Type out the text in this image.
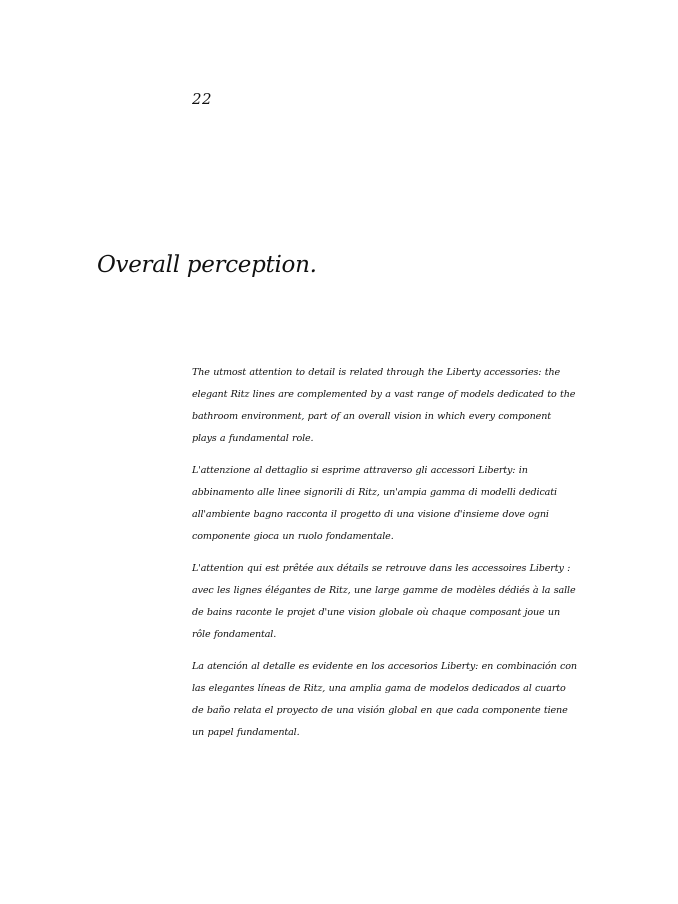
22
Overall perception.

The utmost attention to detail is related through the Liberty accessories: the elegant Ritz lines are complemented by a vast range of models dedicated to the bathroom environment, part of an overall vision in which every component plays a fundamental role.

L'attenzione al dettaglio si esprime attraverso gli accessori Liberty: in abbinamento alle linee signorili di Ritz, un'ampia gamma di modelli dedicati all'ambiente bagno racconta il progetto di una visione d'insieme dove ogni componente gioca un ruolo fondamentale.

L'attention qui est prêtée aux détails se retrouve dans les accessoires Liberty : avec les lignes élégantes de Ritz, une large gamme de modèles dédiés à la salle de bains raconte le projet d'une vision globale où chaque composant joue un rôle fondamental.

La atención al detalle es evidente en los accesorios Liberty: en combinación con las elegantes líneas de Ritz, una amplia gama de modelos dedicados al cuarto de baño relata el proyecto de una visión global en que cada componente tiene un papel fundamental.
